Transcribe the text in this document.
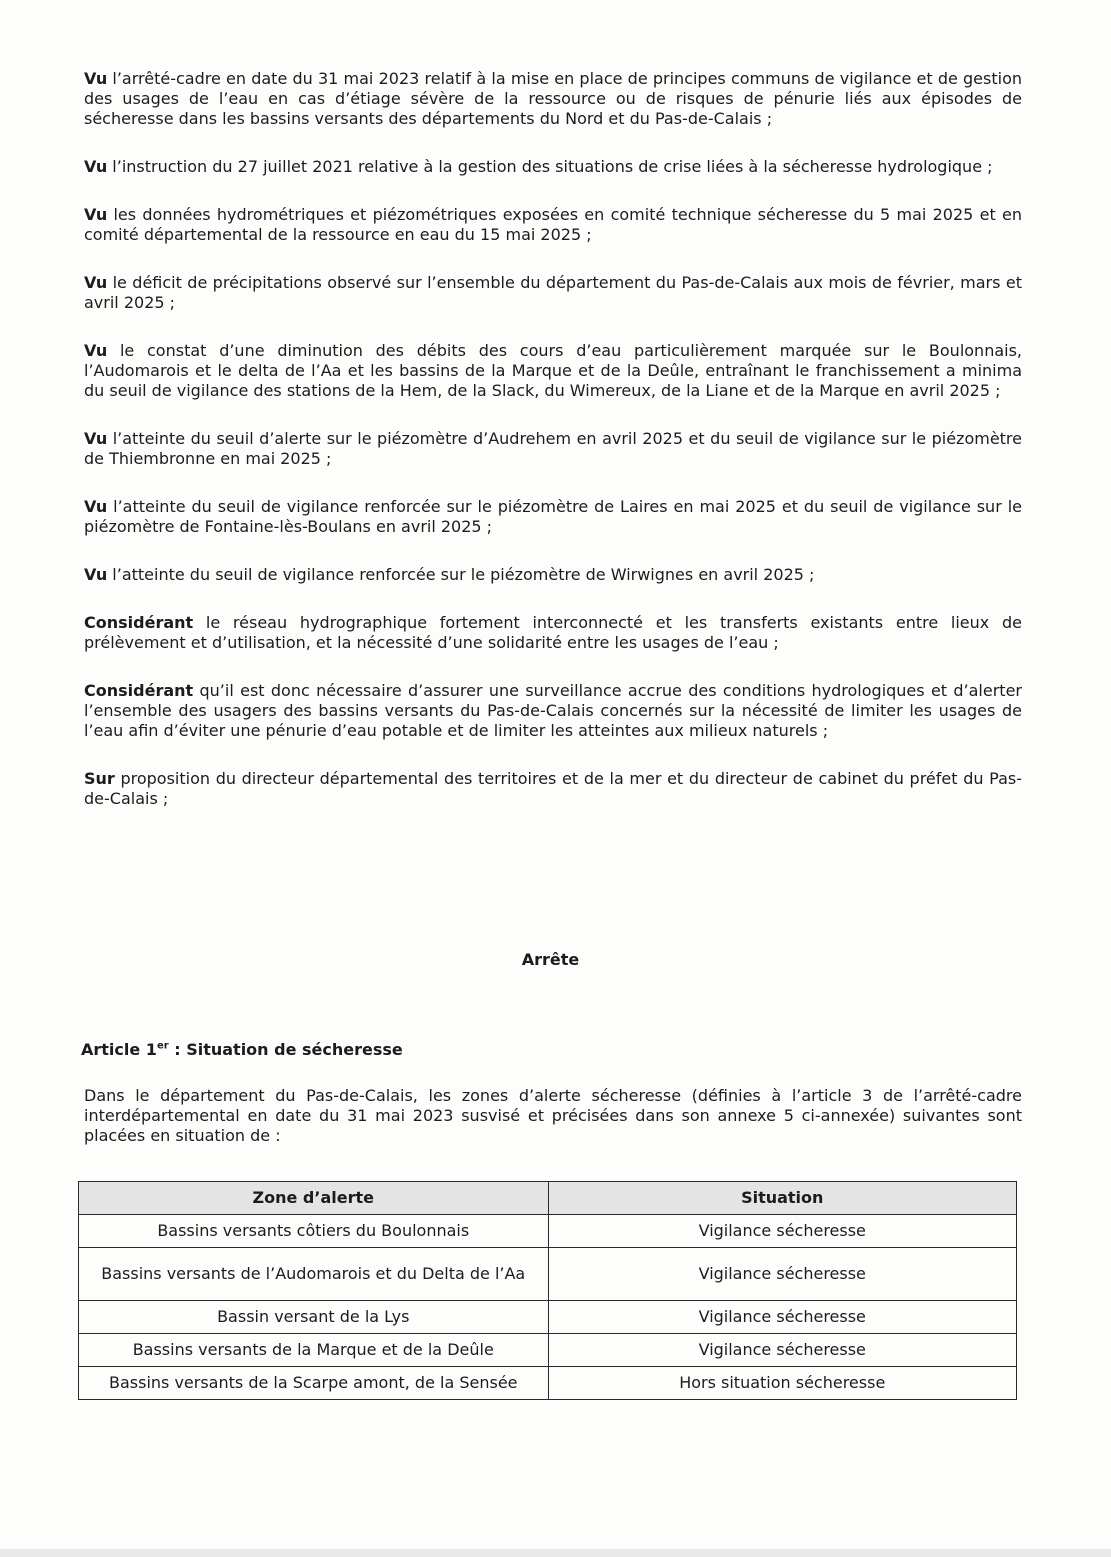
Vu l’arrêté-cadre en date du 31 mai 2023 relatif à la mise en place de principes communs de vigilance et de gestion des usages de l’eau en cas d’étiage sévère de la ressource ou de risques de pénurie liés aux épisodes de sécheresse dans les bassins versants des départements du Nord et du Pas-de-Calais ;

Vu l’instruction du 27 juillet 2021 relative à la gestion des situations de crise liées à la sécheresse hydrologique ;

Vu les données hydrométriques et piézométriques exposées en comité technique sécheresse du 5 mai 2025 et en comité départemental de la ressource en eau du 15 mai 2025 ;

Vu le déficit de précipitations observé sur l’ensemble du département du Pas-de-Calais aux mois de février, mars et avril 2025 ;

Vu le constat d’une diminution des débits des cours d’eau particulièrement marquée sur le Boulonnais, l’Audomarois et le delta de l’Aa et les bassins de la Marque et de la Deûle, entraînant le franchissement a minima du seuil de vigilance des stations de la Hem, de la Slack, du Wimereux, de la Liane et de la Marque en avril 2025 ;

Vu l’atteinte du seuil d’alerte sur le piézomètre d’Audrehem en avril 2025 et du seuil de vigilance sur le piézomètre de Thiembronne en mai 2025 ;

Vu l’atteinte du seuil de vigilance renforcée sur le piézomètre de Laires en mai 2025 et du seuil de vigilance sur le piézomètre de Fontaine-lès-Boulans en avril 2025 ;

Vu l’atteinte du seuil de vigilance renforcée sur le piézomètre de Wirwignes en avril 2025 ;

Considérant le réseau hydrographique fortement interconnecté et les transferts existants entre lieux de prélèvement et d’utilisation, et la nécessité d’une solidarité entre les usages de l’eau ;

Considérant qu’il est donc nécessaire d’assurer une surveillance accrue des conditions hydrologiques et d’alerter l’ensemble des usagers des bassins versants du Pas-de-Calais concernés sur la nécessité de limiter les usages de l’eau afin d’éviter une pénurie d’eau potable et de limiter les atteintes aux milieux naturels ;

Sur proposition du directeur départemental des territoires et de la mer et du directeur de cabinet du préfet du Pas-de-Calais ;

Arrête
Article 1er : Situation de sécheresse
Dans le département du Pas-de-Calais, les zones d’alerte sécheresse (définies à l’article 3 de l’arrêté-cadre interdépartemental en date du 31 mai 2023 susvisé et précisées dans son annexe 5 ci-annexée) suivantes sont placées en situation de :
Zone d’alerte	Situation
Bassins versants côtiers du Boulonnais	Vigilance sécheresse
Bassins versants de l’Audomarois et du Delta de l’Aa	Vigilance sécheresse
Bassin versant de la Lys	Vigilance sécheresse
Bassins versants de la Marque et de la Deûle	Vigilance sécheresse
Bassins versants de la Scarpe amont, de la Sensée	Hors situation sécheresse
